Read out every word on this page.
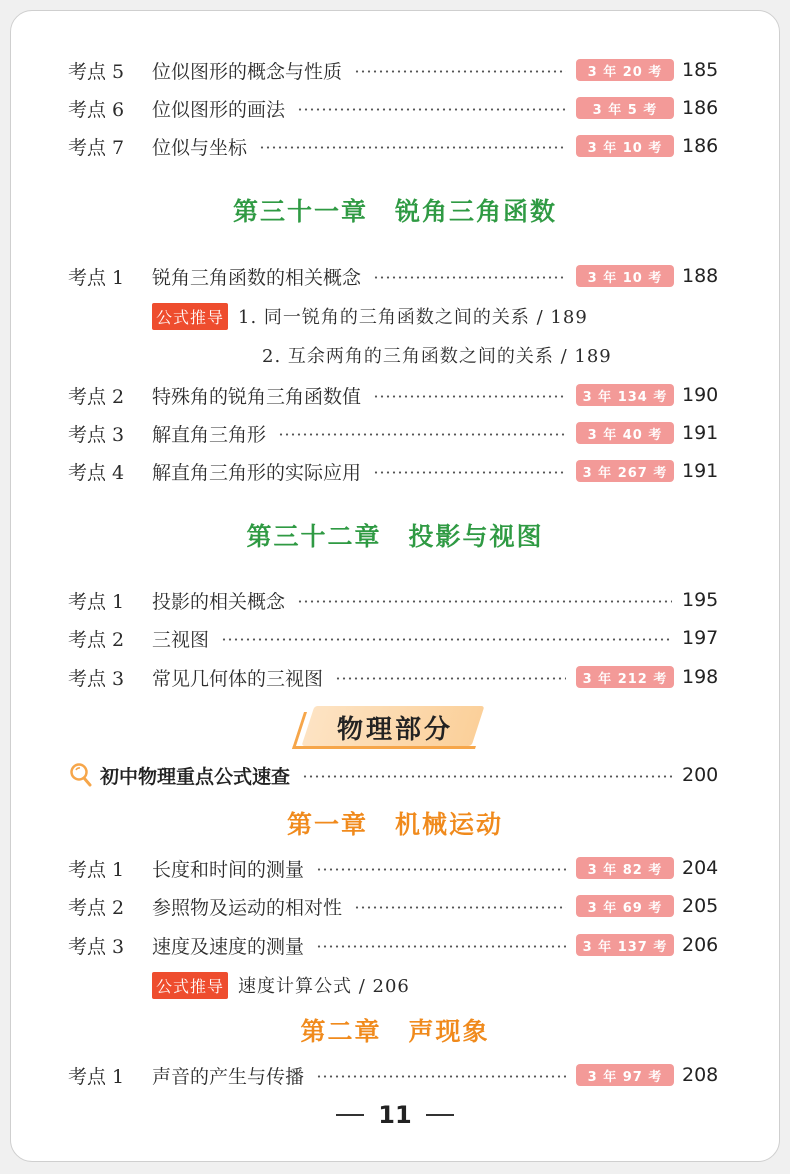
考点 5	位似图形的概念与性质	3 年 20 考	185
考点 6	位似图形的画法	3 年 5 考	186
考点 7	位似与坐标	3 年 10 考	186
第三十一章　锐角三角函数
考点 1	锐角三角函数的相关概念	3 年 10 考	188
公式推导 1. 同一锐角的三角函数之间的关系 / 189
2. 互余两角的三角函数之间的关系 / 189
考点 2	特殊角的锐角三角函数值	3 年 134 考 190
考点 3	解直角三角形	3 年 40 考	191
考点 4	解直角三角形的实际应用	3 年 267 考 191
第三十二章　投影与视图
考点 1	投影的相关概念	195
考点 2	三视图	197
考点 3	常见几何体的三视图	3 年 212 考 198
物理部分
初中物理重点公式速查	200
第一章　机械运动
考点 1	长度和时间的测量	3 年 82 考	204
考点 2	参照物及运动的相对性	3 年 69 考	205
考点 3	速度及速度的测量	3 年 137 考 206
公式推导 速度计算公式 / 206
第二章　声现象
考点 1	声音的产生与传播	3 年 97 考	208
11
